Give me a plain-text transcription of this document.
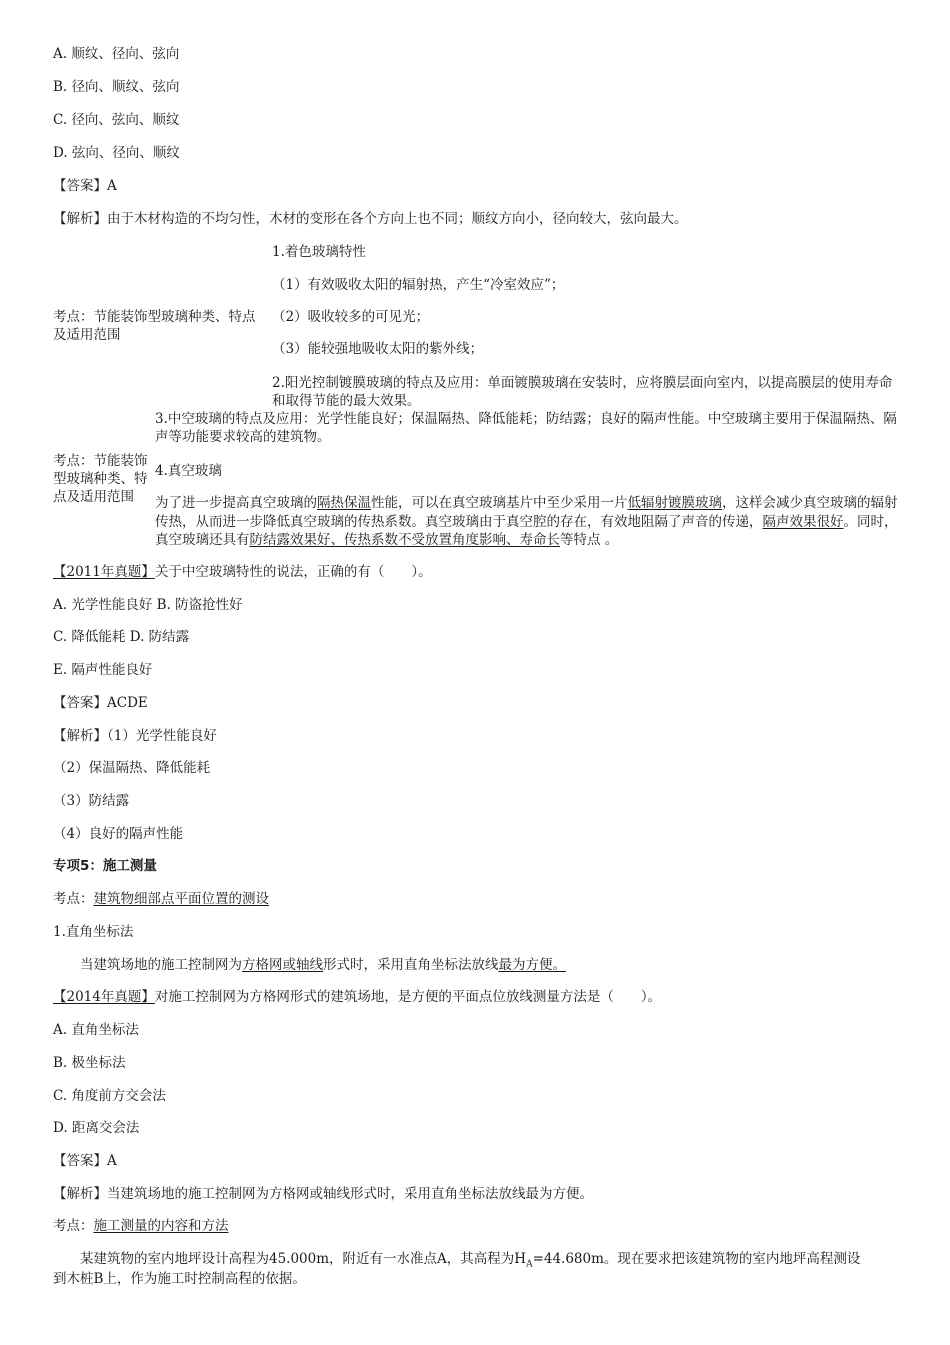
A. 顺纹、径向、弦向
B. 径向、顺纹、弦向
C. 径向、弦向、顺纹
D. 弦向、径向、顺纹
【答案】A
【解析】由于木材构造的不均匀性，木材的变形在各个方向上也不同；顺纹方向小，径向较大，弦向最大。
1.着色玻璃特性
（1）有效吸收太阳的辐射热，产生“冷室效应”；
考点：节能装饰型玻璃种类、特点 （2）吸收较多的可见光；
及适用范围
（3）能较强地吸收太阳的紫外线；
2.阳光控制镀膜玻璃的特点及应用：单面镀膜玻璃在安装时，应将膜层面向室内，以提高膜层的使用寿命和取得节能的最大效果。
3.中空玻璃的特点及应用：光学性能良好；保温隔热、降低能耗；防结露；良好的隔声性能。中空玻璃主要用于保温隔热、隔声等功能要求较高的建筑物。
考点：节能装饰
4.真空玻璃
型玻璃种类、特
点及适用范围 为了进一步提高真空玻璃的隔热保温性能，可以在真空玻璃基片中至少采用一片低辐射镀膜玻璃，这样会减少真空玻璃的辐射传热，从而进一步降低真空玻璃的传热系数。真空玻璃由于真空腔的存在，有效地阻隔了声音的传递，隔声效果很好。同时，真空玻璃还具有防结露效果好、传热系数不受放置角度影响、寿命长等特点 。
【2011年真题】关于中空玻璃特性的说法，正确的有（　　）。
A. 光学性能良好 B. 防盗抢性好
C. 降低能耗 D. 防结露
E. 隔声性能良好
【答案】ACDE
【解析】（1）光学性能良好
（2）保温隔热、降低能耗
（3）防结露
（4）良好的隔声性能
专项5：施工测量
考点：建筑物细部点平面位置的测设
1.直角坐标法
当建筑场地的施工控制网为方格网或轴线形式时，采用直角坐标法放线最为方便。
【2014年真题】对施工控制网为方格网形式的建筑场地，是方便的平面点位放线测量方法是（　　）。
A. 直角坐标法
B. 极坐标法
C. 角度前方交会法
D. 距离交会法
【答案】A
【解析】当建筑场地的施工控制网为方格网或轴线形式时，采用直角坐标法放线最为方便。
考点：施工测量的内容和方法
某建筑物的室内地坪设计高程为45.000m，附近有一水准点A，其高程为$H_A=44.680m$。现在要求把该建筑物的室内地坪高程测设
到木桩B上，作为施工时控制高程的依据。
